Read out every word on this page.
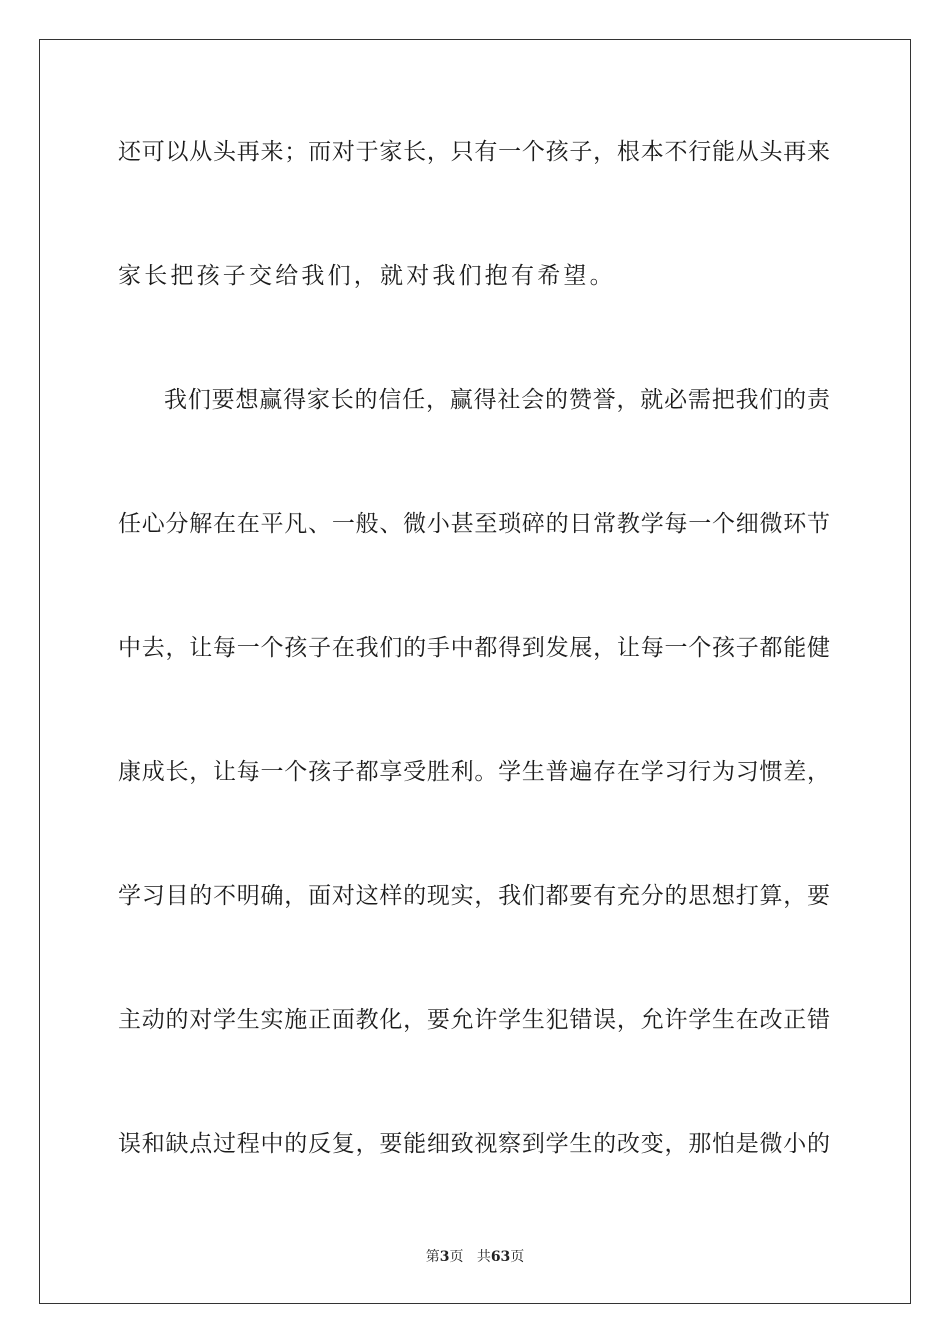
还可以从头再来；而对于家长，只有一个孩子，根本不行能从头再来
家长把孩子交给我们，就对我们抱有希望。
我们要想赢得家长的信任，赢得社会的赞誉，就必需把我们的责
任心分解在在平凡、一般、微小甚至琐碎的日常教学每一个细微环节
中去，让每一个孩子在我们的手中都得到发展，让每一个孩子都能健
康成长，让每一个孩子都享受胜利。学生普遍存在学习行为习惯差，
学习目的不明确，面对这样的现实，我们都要有充分的思想打算，要
主动的对学生实施正面教化，要允许学生犯错误，允许学生在改正错
误和缺点过程中的反复，要能细致视察到学生的改变，那怕是微小的
第3页 共63页
